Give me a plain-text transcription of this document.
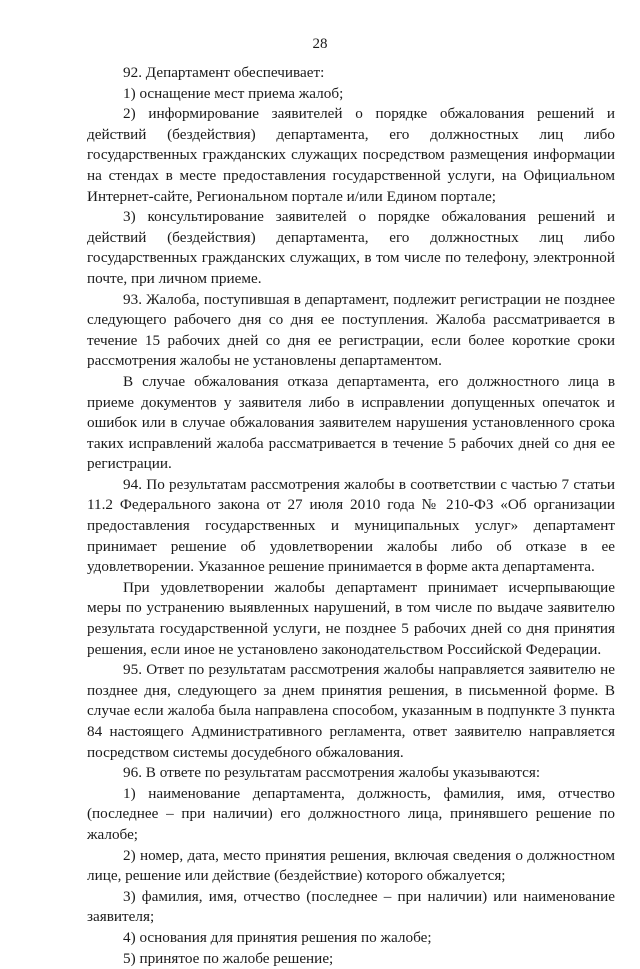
28

92. Департамент обеспечивает:

1) оснащение мест приема жалоб;

2) информирование заявителей о порядке обжалования решений и действий (бездействия) департамента, его должностных лиц либо государственных гражданских служащих посредством размещения информации на стендах в месте предоставления государственной услуги, на Официальном Интернет-сайте, Региональном портале и/или Едином портале;

3) консультирование заявителей о порядке обжалования решений и действий (бездействия) департамента, его должностных лиц либо государственных гражданских служащих, в том числе по телефону, электронной почте, при личном приеме.

93. Жалоба, поступившая в департамент, подлежит регистрации не позднее следующего рабочего дня со дня ее поступления. Жалоба рассматривается в течение 15 рабочих дней со дня ее регистрации, если более короткие сроки рассмотрения жалобы не установлены департаментом.

В случае обжалования отказа департамента, его должностного лица в приеме документов у заявителя либо в исправлении допущенных опечаток и ошибок или в случае обжалования заявителем нарушения установленного срока таких исправлений жалоба рассматривается в течение 5 рабочих дней со дня ее регистрации.

94. По результатам рассмотрения жалобы в соответствии с частью 7 статьи 11.2 Федерального закона от 27 июля 2010 года № 210-ФЗ «Об организации предоставления государственных и муниципальных услуг» департамент принимает решение об удовлетворении жалобы либо об отказе в ее удовлетворении. Указанное решение принимается в форме акта департамента.

При удовлетворении жалобы департамент принимает исчерпывающие меры по устранению выявленных нарушений, в том числе по выдаче заявителю результата государственной услуги, не позднее 5 рабочих дней со дня принятия решения, если иное не установлено законодательством Российской Федерации.

95. Ответ по результатам рассмотрения жалобы направляется заявителю не позднее дня, следующего за днем принятия решения, в письменной форме. В случае если жалоба была направлена способом, указанным в подпункте 3 пункта 84 настоящего Административного регламента, ответ заявителю направляется посредством системы досудебного обжалования.

96. В ответе по результатам рассмотрения жалобы указываются:

1) наименование департамента, должность, фамилия, имя, отчество (последнее – при наличии) его должностного лица, принявшего решение по жалобе;

2) номер, дата, место принятия решения, включая сведения о должностном лице, решение или действие (бездействие) которого обжалуется;

3) фамилия, имя, отчество (последнее – при наличии) или наименование заявителя;

4) основания для принятия решения по жалобе;

5) принятое по жалобе решение;
